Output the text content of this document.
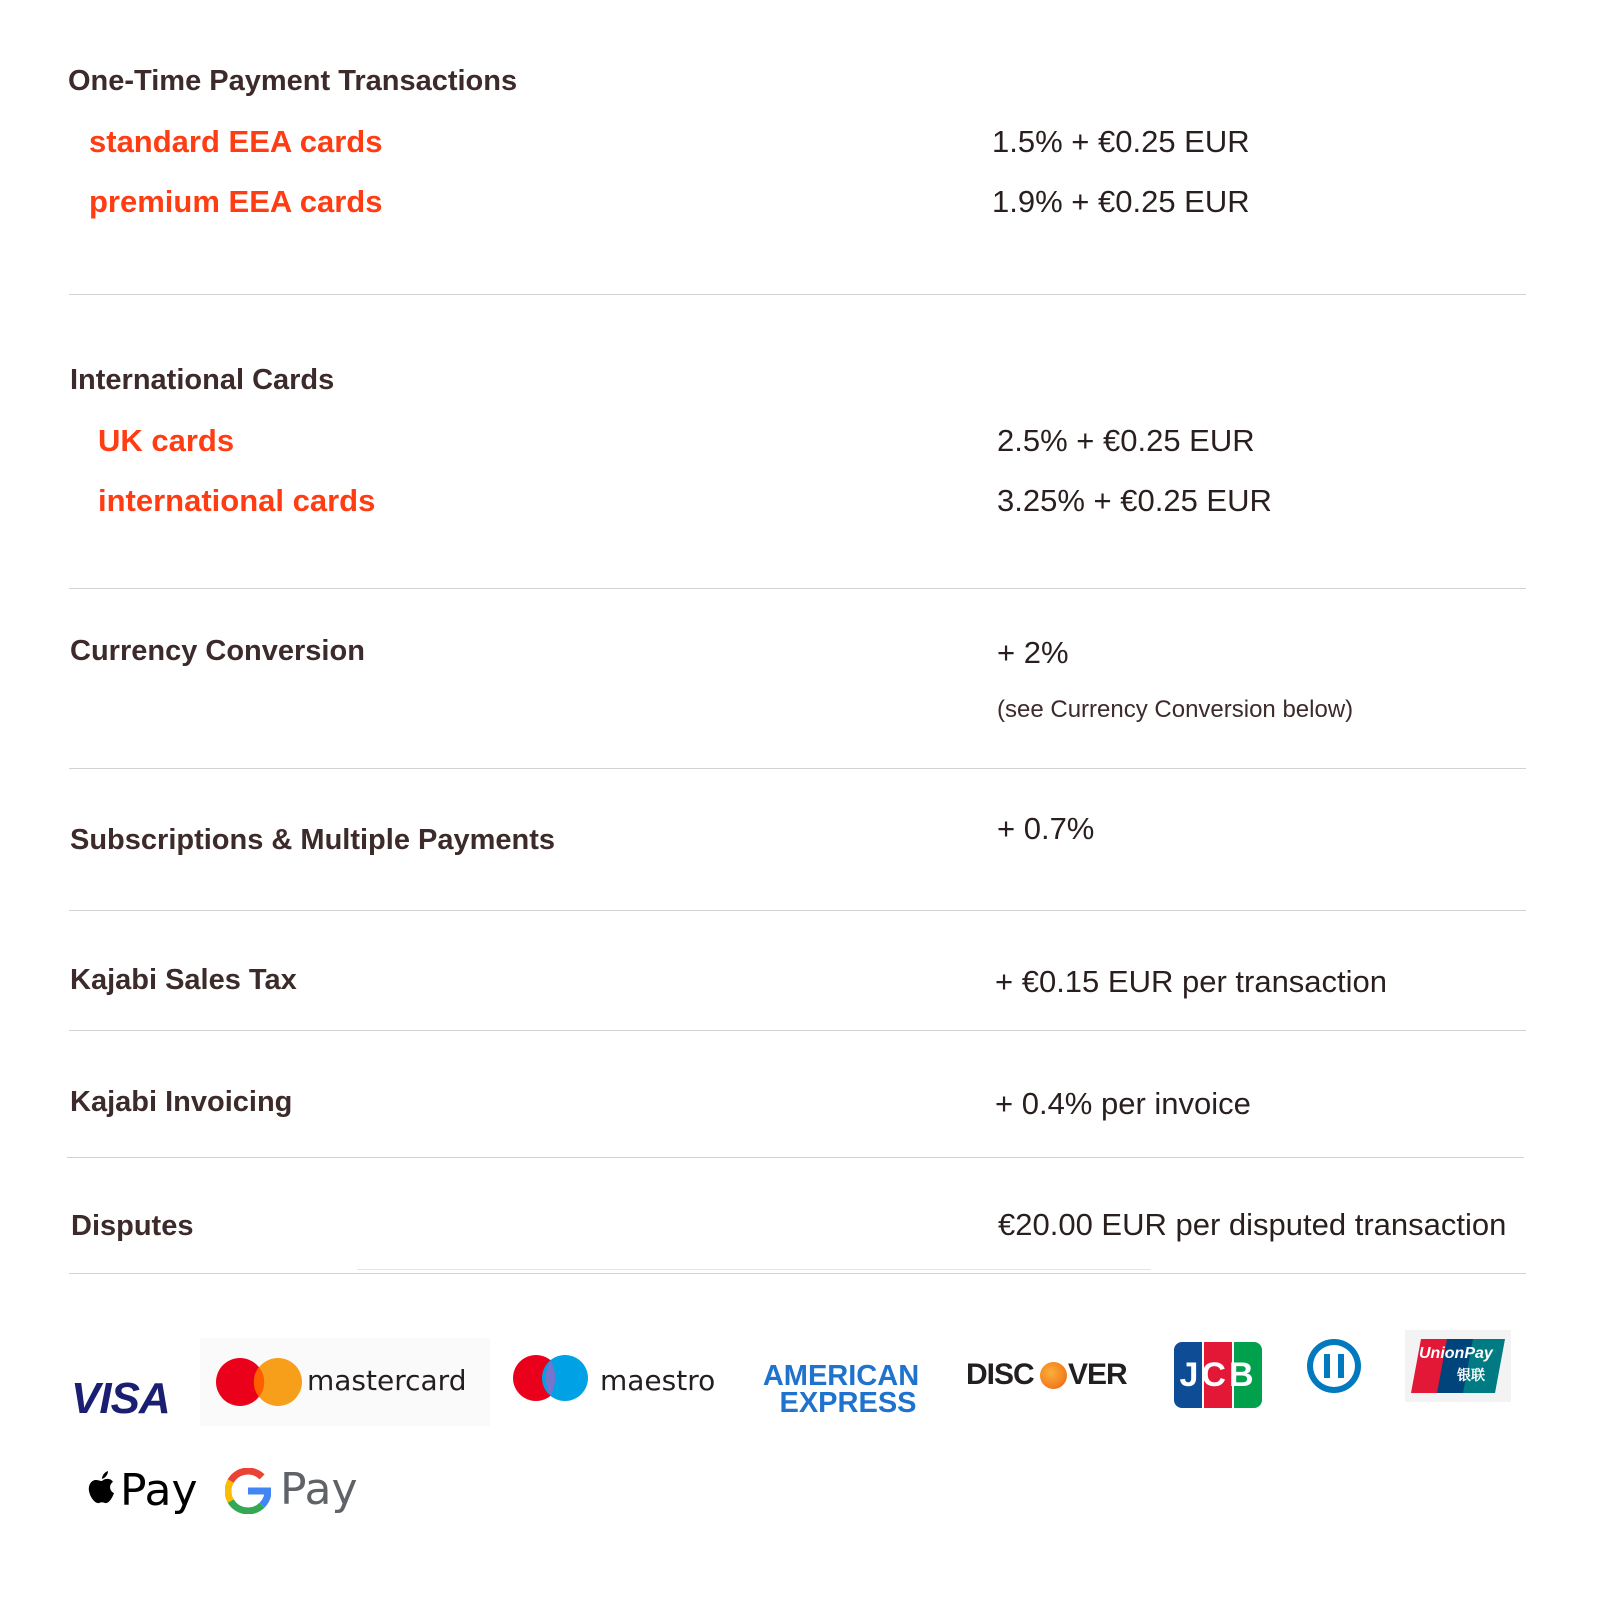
One-Time Payment Transactions
standard EEA cards	1.5% + €0.25 EUR
premium EEA cards	1.9% + €0.25 EUR
International Cards
UK cards	2.5% + €0.25 EUR
international cards	3.25% + €0.25 EUR
Currency Conversion	+ 2%
(see Currency Conversion below)
Subscriptions & Multiple Payments	+ 0.7%
Kajabi Sales Tax	+ €0.15 EUR per transaction
Kajabi Invoicing	+ 0.4% per invoice
Disputes	€20.00 EUR per disputed transaction
VISA	mastercard	maestro AMERICAN
EXPRESS
DISC VER JCB
UnionPay
银联
Pay Pay
